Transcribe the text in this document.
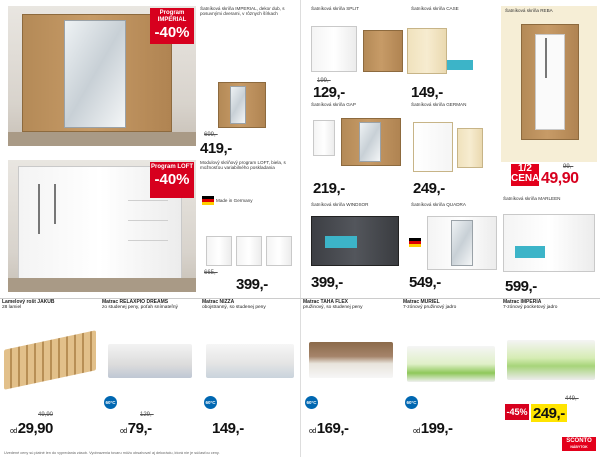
Program IMPERIAL
-40%
Šatníková skriňa IMPERIAL, dekor dub, s posuvnými dverami, v rôznych šírkach
699,-
419,-
Program LOFT
-40%
Modulový skriňový program LOFT, biela, s možnosťou variabilného poskladania
Made in Germany
665,-
399,-
Lamelový rošt JAKUB
28 lamiel
49,90
od29,90
Matrac RELAXPIO DREAMS
zo studenej peny, poťah snímateľný
60°C
129,-
od79,-
Matrac NIZZA
obojstranný, so studenej peny
60°C
149,-
Uvedené ceny sú platné len do vypredania zásob. Vyobrazenia tovaru môžu obsahovať aj dekoráciu, ktorá nie je súčasťou ceny.
Šatníková skriňa SPLIT
199,-
129,-
Šatníková skriňa CASE
149,-
Šatníková skriňa REBA
1/2 CENA
99,-
49,90
Šatníková skriňa GAP
219,-
Šatníková skriňa GERMAN
249,-
Šatníková skriňa WINDSOR
399,-
Šatníková skriňa QUADRA
549,-
Šatníková skriňa MARLEEN
599,-
Matrac TAHA FLEX
pružinový, so studenej peny
60°C
od169,-
Matrac MURIEL
7-zónový pružinový jadro
60°C
od199,-
Matrac IMPERIA
7-zónový pocketový jadro
449,-
-45% 249,-
SCONTO
NÁBYTOK
